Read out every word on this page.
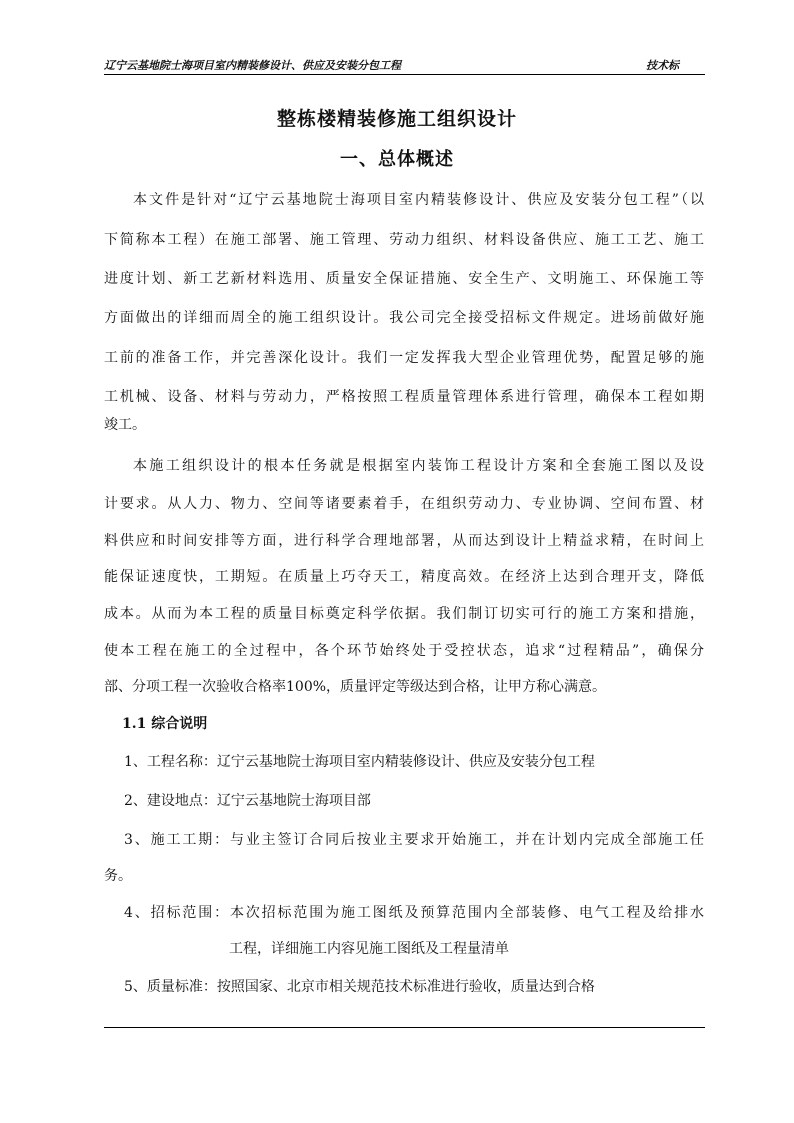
辽宁云基地院士海项目室内精装修设计、供应及安装分包工程	技术标
整栋楼精装修施工组织设计
一、总体概述
本文件是针对“辽宁云基地院士海项目室内精装修设计、供应及安装分包工程”（以
下简称本工程）在施工部署、施工管理、劳动力组织、材料设备供应、施工工艺、施工
进度计划、新工艺新材料选用、质量安全保证措施、安全生产、文明施工、环保施工等
方面做出的详细而周全的施工组织设计。我公司完全接受招标文件规定。进场前做好施
工前的准备工作，并完善深化设计。我们一定发挥我大型企业管理优势，配置足够的施
工机械、设备、材料与劳动力，严格按照工程质量管理体系进行管理，确保本工程如期
竣工。
本施工组织设计的根本任务就是根据室内装饰工程设计方案和全套施工图以及设
计要求。从人力、物力、空间等诸要素着手，在组织劳动力、专业协调、空间布置、材
料供应和时间安排等方面，进行科学合理地部署，从而达到设计上精益求精，在时间上
能保证速度快，工期短。在质量上巧夺天工，精度高效。在经济上达到合理开支，降低
成本。从而为本工程的质量目标奠定科学依据。我们制订切实可行的施工方案和措施，
使本工程在施工的全过程中，各个环节始终处于受控状态，追求“过程精品”，确保分
部、分项工程一次验收合格率100%，质量评定等级达到合格，让甲方称心满意。
1.1 综合说明
1、工程名称：辽宁云基地院士海项目室内精装修设计、供应及安装分包工程
2、建设地点：辽宁云基地院士海项目部
3、施工工期：与业主签订合同后按业主要求开始施工，并在计划内完成全部施工任
务。
4、招标范围：本次招标范围为施工图纸及预算范围内全部装修、电气工程及给排水
工程，详细施工内容见施工图纸及工程量清单
5、质量标准：按照国家、北京市相关规范技术标准进行验收，质量达到合格
